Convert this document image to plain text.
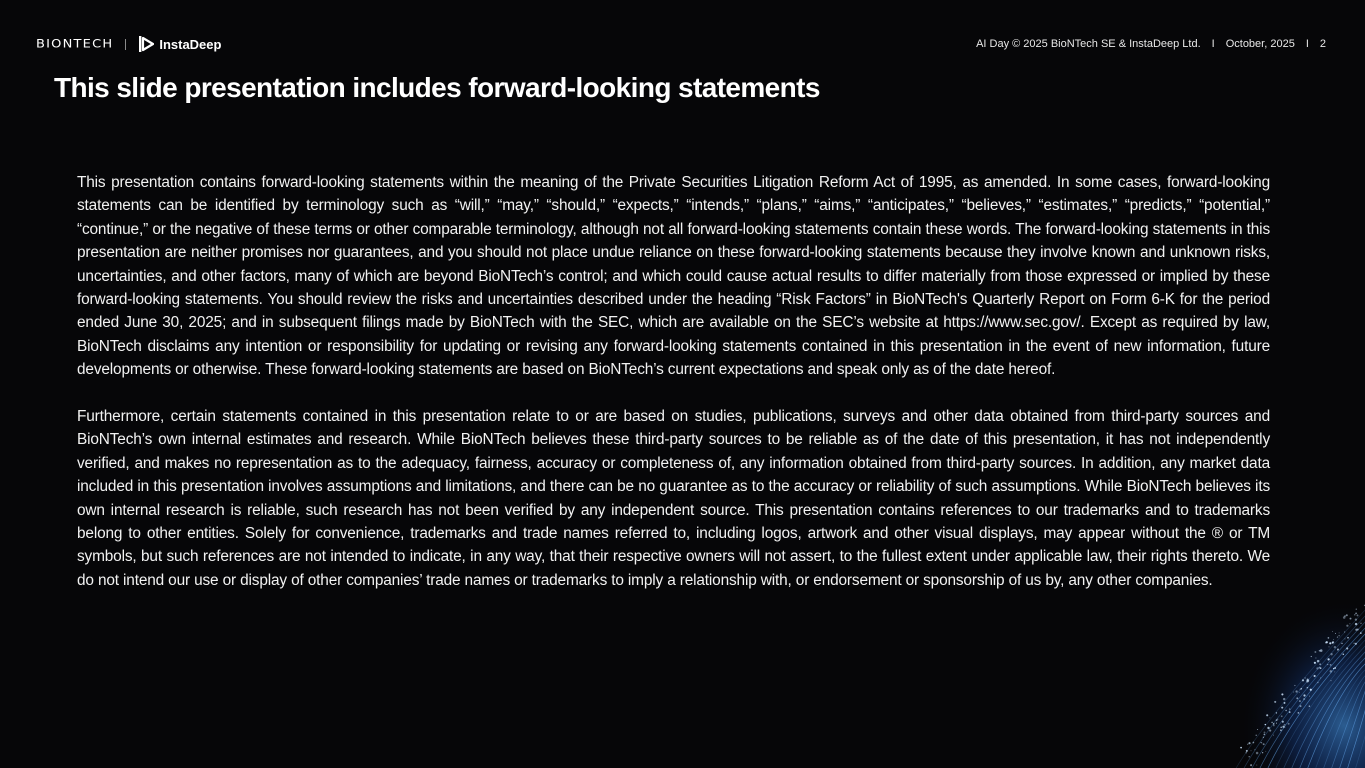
BIONTECH	InstaDeep	AI Day © 2025 BioNTech SE & InstaDeep Ltd. I October, 2025 I 2
This slide presentation includes forward-looking statements

This presentation contains forward-looking statements within the meaning of the Private Securities Litigation Reform Act of 1995, as amended. In some cases, forward-looking statements can be identified by terminology such as “will,” “may,” “should,” “expects,” “intends,” “plans,” “aims,” “anticipates,” “believes,” “estimates,” “predicts,” “potential,” “continue,” or the negative of these terms or other comparable terminology, although not all forward-looking statements contain these words. The forward-looking statements in this presentation are neither promises nor guarantees, and you should not place undue reliance on these forward-looking statements because they involve known and unknown risks, uncertainties, and other factors, many of which are beyond BioNTech’s control; and which could cause actual results to differ materially from those expressed or implied by these forward-looking statements. You should review the risks and uncertainties described under the heading “Risk Factors” in BioNTech's Quarterly Report on Form 6-K for the period ended June 30, 2025; and in subsequent filings made by BioNTech with the SEC, which are available on the SEC’s website at https://www.sec.gov/. Except as required by law, BioNTech disclaims any intention or responsibility for updating or revising any forward-looking statements contained in this presentation in the event of new information, future developments or otherwise. These forward-looking statements are based on BioNTech’s current expectations and speak only as of the date hereof.

Furthermore, certain statements contained in this presentation relate to or are based on studies, publications, surveys and other data obtained from third-party sources and BioNTech’s own internal estimates and research. While BioNTech believes these third-party sources to be reliable as of the date of this presentation, it has not independently verified, and makes no representation as to the adequacy, fairness, accuracy or completeness of, any information obtained from third-party sources. In addition, any market data included in this presentation involves assumptions and limitations, and there can be no guarantee as to the accuracy or reliability of such assumptions. While BioNTech believes its own internal research is reliable, such research has not been verified by any independent source. This presentation contains references to our trademarks and to trademarks belong to other entities. Solely for convenience, trademarks and trade names referred to, including logos, artwork and other visual displays, may appear without the ® or TM symbols, but such references are not intended to indicate, in any way, that their respective owners will not assert, to the fullest extent under applicable law, their rights thereto. We do not intend our use or display of other companies’ trade names or trademarks to imply a relationship with, or endorsement or sponsorship of us by, any other companies.
